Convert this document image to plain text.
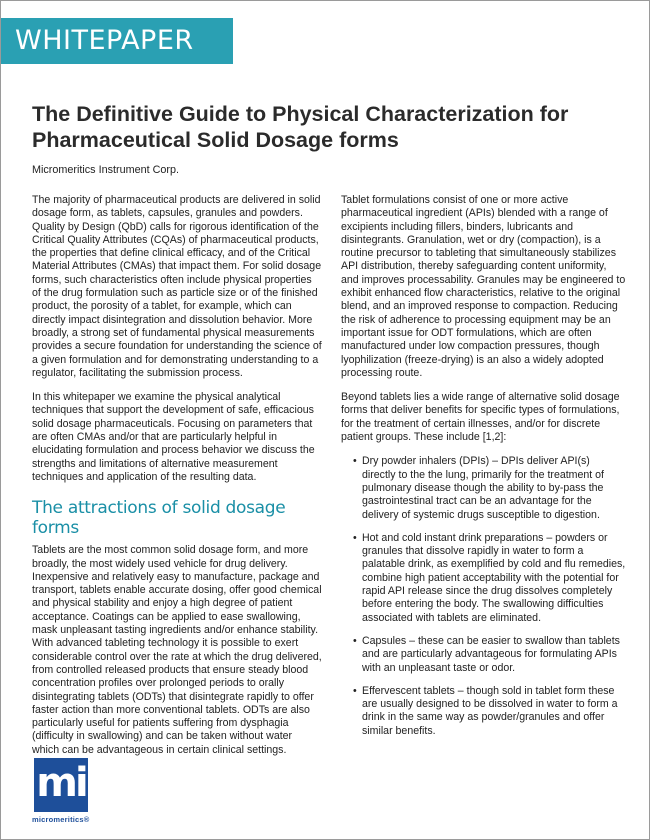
WHITEPAPER
The Definitive Guide to Physical Characterization for Pharmaceutical Solid Dosage forms
Micromeritics Instrument Corp.

The majority of pharmaceutical products are delivered in solid dosage form, as tablets, capsules, granules and powders. Quality by Design (QbD) calls for rigorous identification of the Critical Quality Attributes (CQAs) of pharmaceutical products, the properties that define clinical efficacy, and of the Critical Material Attributes (CMAs) that impact them. For solid dosage forms, such characteristics often include physical properties of the drug formulation such as particle size or of the finished product, the porosity of a tablet, for example, which can directly impact disintegration and dissolution behavior. More broadly, a strong set of fundamental physical measurements provides a secure foundation for understanding the science of a given formulation and for demonstrating understanding to a regulator, facilitating the submission process.

In this whitepaper we examine the physical analytical techniques that support the development of safe, efficacious solid dosage pharmaceuticals. Focusing on parameters that are often CMAs and/or that are particularly helpful in elucidating formulation and process behavior we discuss the strengths and limitations of alternative measurement techniques and application of the resulting data.

The attractions of solid dosage forms

Tablets are the most common solid dosage form, and more broadly, the most widely used vehicle for drug delivery. Inexpensive and relatively easy to manufacture, package and transport, tablets enable accurate dosing, offer good chemical and physical stability and enjoy a high degree of patient acceptance. Coatings can be applied to ease swallowing, mask unpleasant tasting ingredients and/or enhance stability. With advanced tableting technology it is possible to exert considerable control over the rate at which the drug delivered, from controlled released products that ensure steady blood concentration profiles over prolonged periods to orally disintegrating tablets (ODTs) that disintegrate rapidly to offer faster action than more conventional tablets. ODTs are also particularly useful for patients suffering from dysphagia (difficulty in swallowing) and can be taken without water which can be advantageous in certain clinical settings.

Tablet formulations consist of one or more active pharmaceutical ingredient (APIs) blended with a range of excipients including fillers, binders, lubricants and disintegrants. Granulation, wet or dry (compaction), is a routine precursor to tableting that simultaneously stabilizes API distribution, thereby safeguarding content uniformity, and improves processability. Granules may be engineered to exhibit enhanced flow characteristics, relative to the original blend, and an improved response to compaction. Reducing the risk of adherence to processing equipment may be an important issue for ODT formulations, which are often manufactured under low compaction pressures, though lyophilization (freeze-drying) is an also a widely adopted processing route.

Beyond tablets lies a wide range of alternative solid dosage forms that deliver benefits for specific types of formulations, for the treatment of certain illnesses, and/or for discrete patient groups. These include [1,2]:

• Dry powder inhalers (DPIs) – DPIs deliver API(s) directly to the the lung, primarily for the treatment of pulmonary disease though the ability to by-pass the gastrointestinal tract can be an advantage for the delivery of systemic drugs susceptible to digestion.
• Hot and cold instant drink preparations – powders or granules that dissolve rapidly in water to form a palatable drink, as exemplified by cold and flu remedies, combine high patient acceptability with the potential for rapid API release since the drug dissolves completely before entering the body. The swallowing difficulties associated with tablets are eliminated.
• Capsules – these can be easier to swallow than tablets and are particularly advantageous for formulating APIs with an unpleasant taste or odor.
• Effervescent tablets – though sold in tablet form these are usually designed to be dissolved in water to form a drink in the same way as powder/granules and offer similar benefits.
mi
micromeritics®
